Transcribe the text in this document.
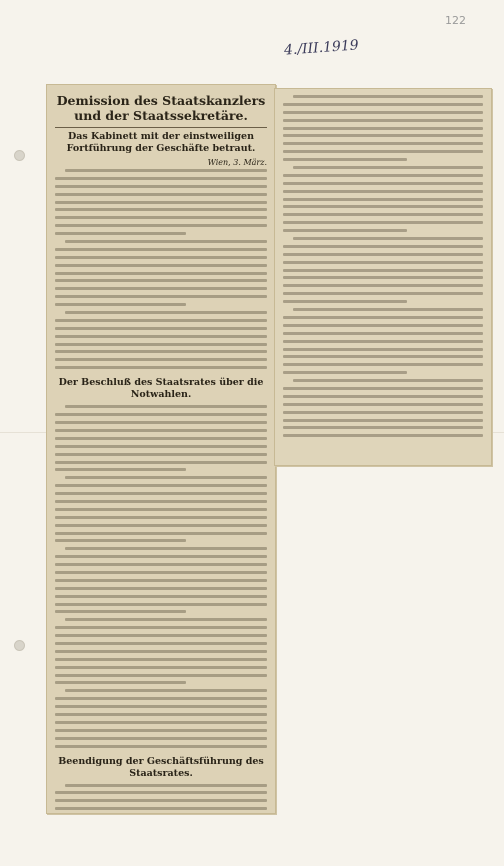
122
4./III.1919
Demission des Staatskanzlers und der Staatssekretäre.
Das Kabinett mit der einstweiligen Fortführung der Geschäfte betraut.
Wien, 3. März.
Der Beschluß des Staatsrates über die Notwahlen.
Beendigung der Geschäftsführung des Staatsrates.
